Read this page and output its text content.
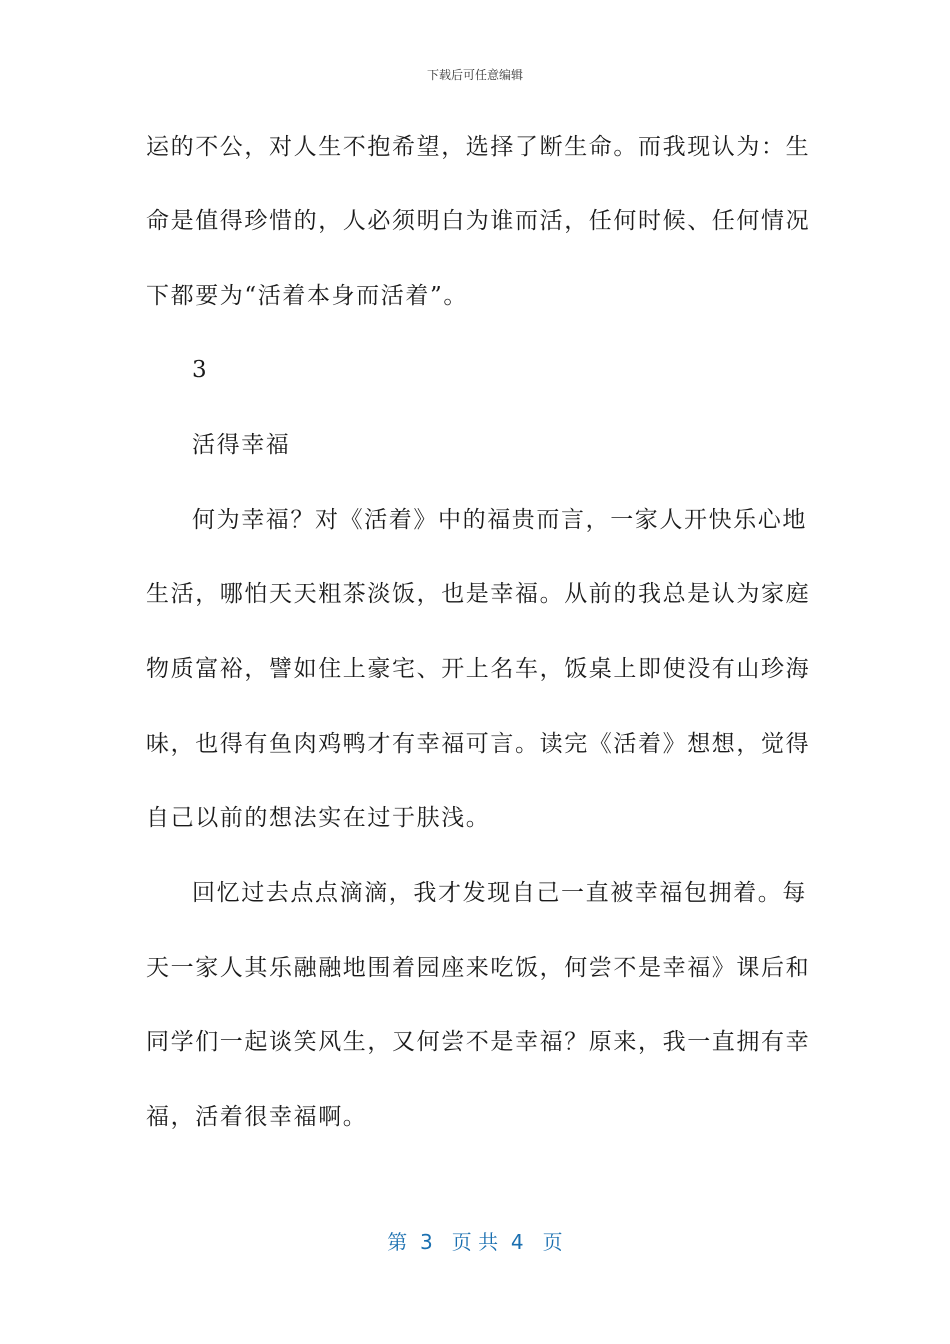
下载后可任意编辑
运的不公，对人生不抱希望，选择了断生命。而我现认为：生
命是值得珍惜的，人必须明白为谁而活，任何时候、任何情况
下都要为“活着本身而活着”。
3
活得幸福
何为幸福？对《活着》中的福贵而言，一家人开快乐心地
生活，哪怕天天粗茶淡饭，也是幸福。从前的我总是认为家庭
物质富裕，譬如住上豪宅、开上名车，饭桌上即使没有山珍海
味，也得有鱼肉鸡鸭才有幸福可言。读完《活着》想想，觉得
自己以前的想法实在过于肤浅。
回忆过去点点滴滴，我才发现自己一直被幸福包拥着。每
天一家人其乐融融地围着园座来吃饭，何尝不是幸福》课后和
同学们一起谈笑风生，又何尝不是幸福？原来，我一直拥有幸
福，活着很幸福啊。
第  3   页 共  4   页
